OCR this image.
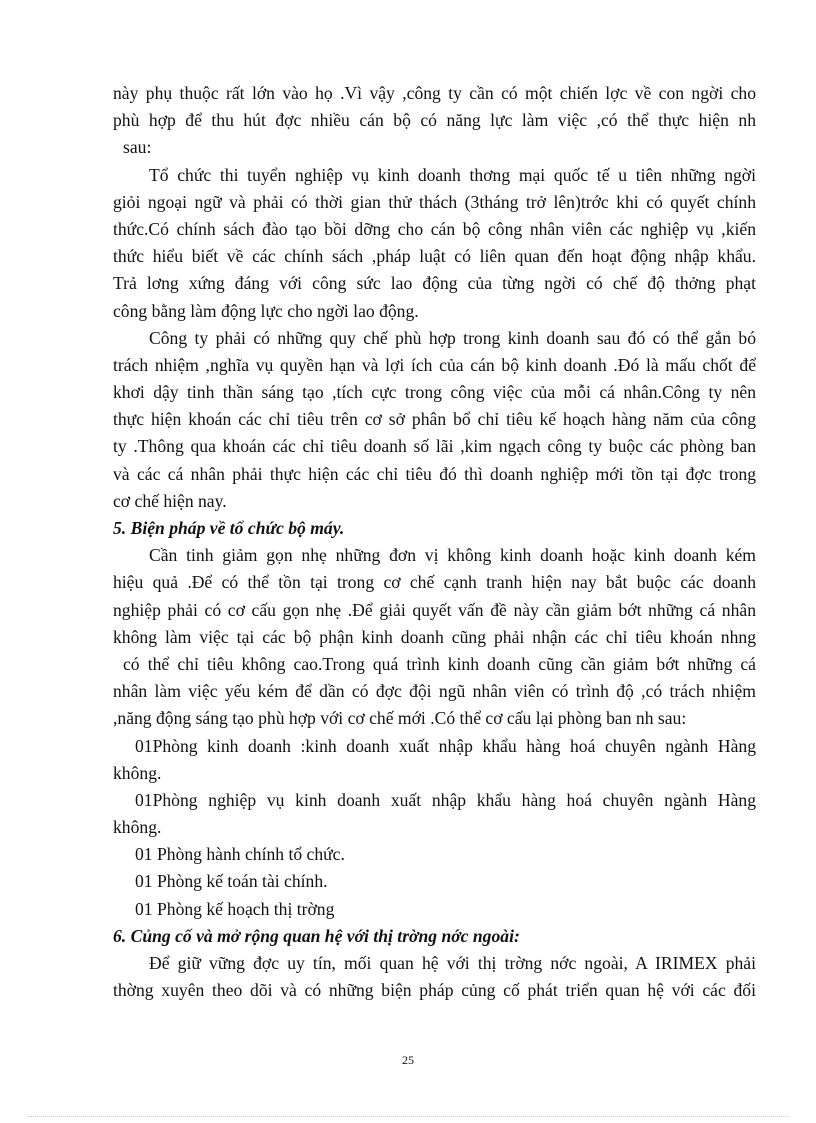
này phụ thuộc rất lớn vào họ .Vì vậy ,công ty cần có một chiến lợc về con ngời cho
phù hợp để thu hút đợc nhiều cán bộ có năng lực làm việc ,có thể thực hiện nh
sau:
Tổ chức thi tuyển nghiệp vụ kinh doanh thơng mại quốc tế u tiên những ngời
giỏi ngoại ngữ và phải có thời gian thử thách (3tháng trở lên)trớc khi có quyết chính
thức.Có chính sách đào tạo bồi dỡng cho cán bộ công nhân viên các nghiệp vụ ,kiến
thức hiểu biết về các chính sách ,pháp luật có liên quan đến hoạt động nhập khẩu.
Trả lơng xứng đáng với công sức lao động của từng ngời có chế độ thởng phạt
công bằng làm động lực cho ngời lao động.
Công ty phải có những quy chế phù hợp trong kinh doanh sau đó có thể gắn bó
trách nhiệm ,nghĩa vụ quyền hạn và lợi ích của cán bộ kinh doanh .Đó là mấu chốt để
khơi dậy tinh thần sáng tạo ,tích cực trong công việc của mỗi cá nhân.Công ty nên
thực hiện khoán các chỉ tiêu trên cơ sở phân bổ chỉ tiêu kế hoạch hàng năm của công
ty .Thông qua khoán các chỉ tiêu doanh số lãi ,kim ngạch công ty buộc các phòng ban
và các cá nhân phải thực hiện các chỉ tiêu đó thì doanh nghiệp mới tồn tại đợc trong
cơ chế hiện nay.
5. Biện pháp về tổ chức bộ máy.
Cần tinh giảm gọn nhẹ những đơn vị không kinh doanh hoặc kinh doanh kém
hiệu quả .Để có thể tồn tại trong cơ chế cạnh tranh hiện nay bắt buộc các doanh
nghiệp phải có cơ cấu gọn nhẹ .Để giải quyết vấn đề này cần giảm bớt những cá nhân
không làm việc tại các bộ phận kinh doanh cũng phải nhận các chỉ tiêu khoán nhng
có thể chỉ tiêu không cao.Trong quá trình kinh doanh cũng cần giảm bớt những cá
nhân làm việc yếu kém để dần có đợc đội ngũ nhân viên có trình độ ,có trách nhiệm
,năng động sáng tạo phù hợp với cơ chế mới .Có thể cơ cấu lại phòng ban nh sau:
01Phòng kinh doanh :kinh doanh xuất nhập khẩu hàng hoá chuyên ngành Hàng
không.
01Phòng nghiệp vụ kinh doanh xuất nhập khẩu hàng hoá chuyên ngành Hàng
không.
01 Phòng hành chính tổ chức.
01 Phòng kế toán tài chính.
01 Phòng kế hoạch thị trờng
6. Củng cố và mở rộng quan hệ với thị trờng nớc ngoài:
Để giữ vững đợc uy tín, mối quan hệ với thị trờng nớc ngoài, A IRIMEX phải
thờng xuyên theo dõi và có những biện pháp củng cố phát triển quan hệ với các đối
25
